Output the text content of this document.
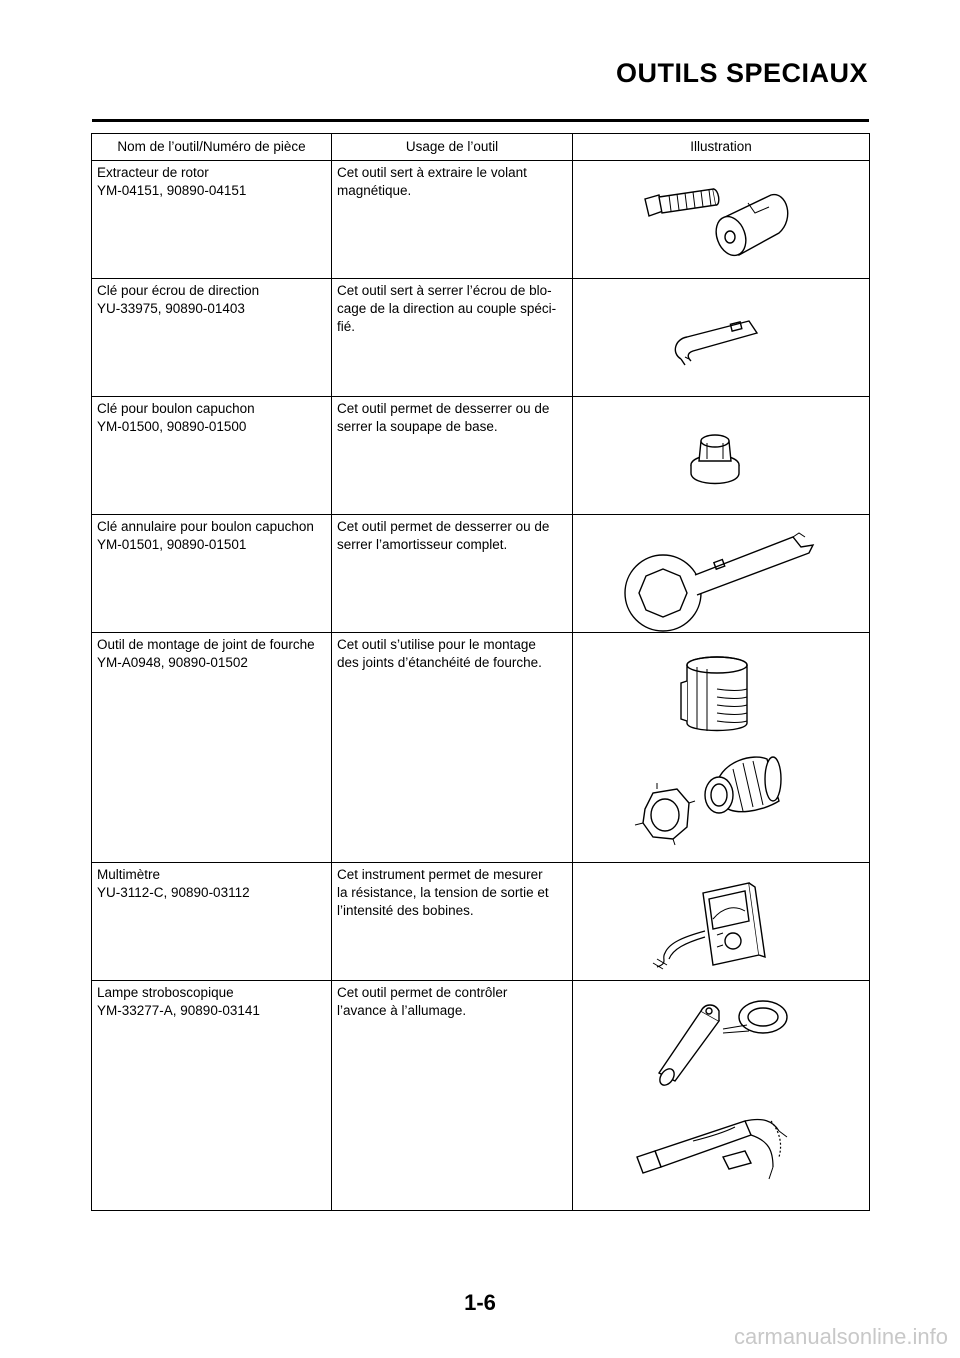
OUTILS SPECIAUX
Nom de l’outil/Numéro de pièce	Usage de l’outil	Illustration

Extracteur de rotor
YM-04151, 90890-04151	Cet outil sert à extraire le volant
magnétique.

Clé pour écrou de direction
YU-33975, 90890-01403	Cet outil sert à serrer l’écrou de blo-
cage de la direction au couple spéci-
fié.

Clé pour boulon capuchon
YM-01500, 90890-01500	Cet outil permet de desserrer ou de
serrer la soupape de base.

Clé annulaire pour boulon capuchon
YM-01501, 90890-01501	Cet outil permet de desserrer ou de
serrer l’amortisseur complet.

Outil de montage de joint de fourche
YM-A0948, 90890-01502	Cet outil s’utilise pour le montage
des joints d’étanchéité de fourche.

Multimètre
YU-3112-C, 90890-03112	Cet instrument permet de mesurer
la résistance, la tension de sortie et
l’intensité des bobines.

Lampe stroboscopique
YM-33277-A, 90890-03141	Cet outil permet de contrôler
l’avance à l’allumage.

1-6
carmanualsonline.info
